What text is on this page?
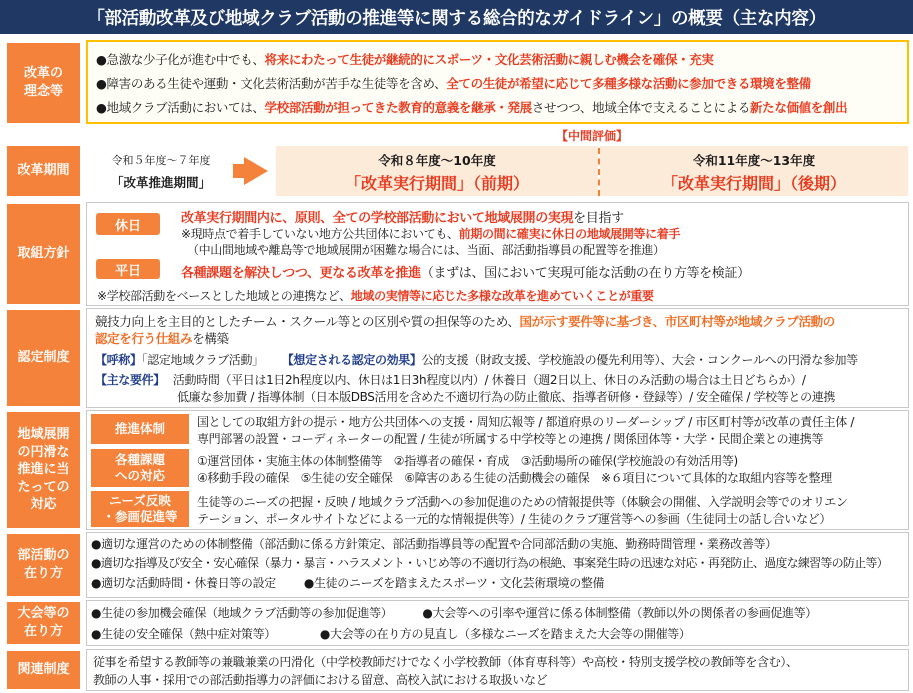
「部活動改革及び地域クラブ活動の推進等に関する総合的なガイドライン」の概要（主な内容）
改革の
理念等
●急激な少子化が進む中でも、将来にわたって生徒が継続的にスポーツ・文化芸術活動に親しむ機会を確保・充実
●障害のある生徒や運動・文化芸術活動が苦手な生徒等を含め、全ての生徒が希望に応じて多種多様な活動に参加できる環境を整備
●地域クラブ活動においては、学校部活動が担ってきた教育的意義を継承・発展させつつ、地域全体で支えることによる新たな価値を創出
【中間評価】
改革期間
令和５年度～７年度
「改革推進期間」
令和８年度～10年度
「改革実行期間」（前期）
令和11年度～13年度
「改革実行期間」（後期）
取組方針
休日
平日
改革実行期間内に、原則、全ての学校部活動において地域展開の実現を目指す
※現時点で着手していない地方公共団体においても、前期の間に確実に休日の地域展開等に着手
（中山間地域や離島等で地域展開が困難な場合には、当面、部活動指導員の配置等を推進）
各種課題を解決しつつ、更なる改革を推進（まずは、国において実現可能な活動の在り方等を検証）
※学校部活動をベースとした地域との連携など、地域の実情等に応じた多様な改革を進めていくことが重要
認定制度
競技力向上を主目的としたチーム・スクール等との区別や質の担保等のため、国が示す要件等に基づき、市区町村等が地域クラブ活動の
認定を行う仕組みを構築
【呼称】「認定地域クラブ活動」 【想定される認定の効果】公的支援（財政支援、学校施設の優先利用等）、大会・コンクールへの円滑な参加等
【主な要件】 活動時間（平日は1日2h程度以内、休日は1日3h程度以内）/ 休養日（週2日以上、休日のみ活動の場合は土日どちらか）/
低廉な参加費 / 指導体制（日本版DBS活用を含めた不適切行為の防止徹底、指導者研修・登録等）/ 安全確保 / 学校等との連携
地域展開
の円滑な
推進に当
たっての
対応
推進体制
各種課題
への対応
ニーズ反映
・参画促進等
国としての取組方針の提示・地方公共団体への支援・周知広報等 / 都道府県のリーダーシップ / 市区町村等が改革の責任主体 /
専門部署の設置・コーディネーターの配置 / 生徒が所属する中学校等との連携 / 関係団体等・大学・民間企業との連携等
①運営団体・実施主体の体制整備等　②指導者の確保・育成　③活動場所の確保(学校施設の有効活用等)
④移動手段の確保　⑤生徒の安全確保　⑥障害のある生徒の活動機会の確保　※６項目について具体的な取組内容等を整理
生徒等のニーズの把握・反映 / 地域クラブ活動への参加促進のための情報提供等（体験会の開催、入学説明会等でのオリエン
テーション、ポータルサイトなどによる一元的な情報提供等）/ 生徒のクラブ運営等への参画（生徒同士の話し合いなど）
部活動の
在り方
●適切な運営のための体制整備（部活動に係る方針策定、部活動指導員等の配置や合同部活動の実施、勤務時間管理・業務改善等）
●適切な指導及び安全・安心確保（暴力・暴言・ハラスメント・いじめ等の不適切行為の根絶、事案発生時の迅速な対応・再発防止、過度な練習等の防止等）
●適切な活動時間・休養日等の設定 ●生徒のニーズを踏まえたスポーツ・文化芸術環境の整備
大会等の
在り方
●生徒の参加機会確保（地域クラブ活動等の参加促進等）	●大会等への引率や運営に係る体制整備（教師以外の関係者の参画促進等）
●生徒の安全確保（熱中症対策等）	●大会等の在り方の見直し（多様なニーズを踏まえた大会等の開催等）
関連制度
従事を希望する教師等の兼職兼業の円滑化（中学校教師だけでなく小学校教師（体育専科等）や高校・特別支援学校の教師等を含む）、
教師の人事・採用での部活動指導力の評価における留意、高校入試における取扱いなど
